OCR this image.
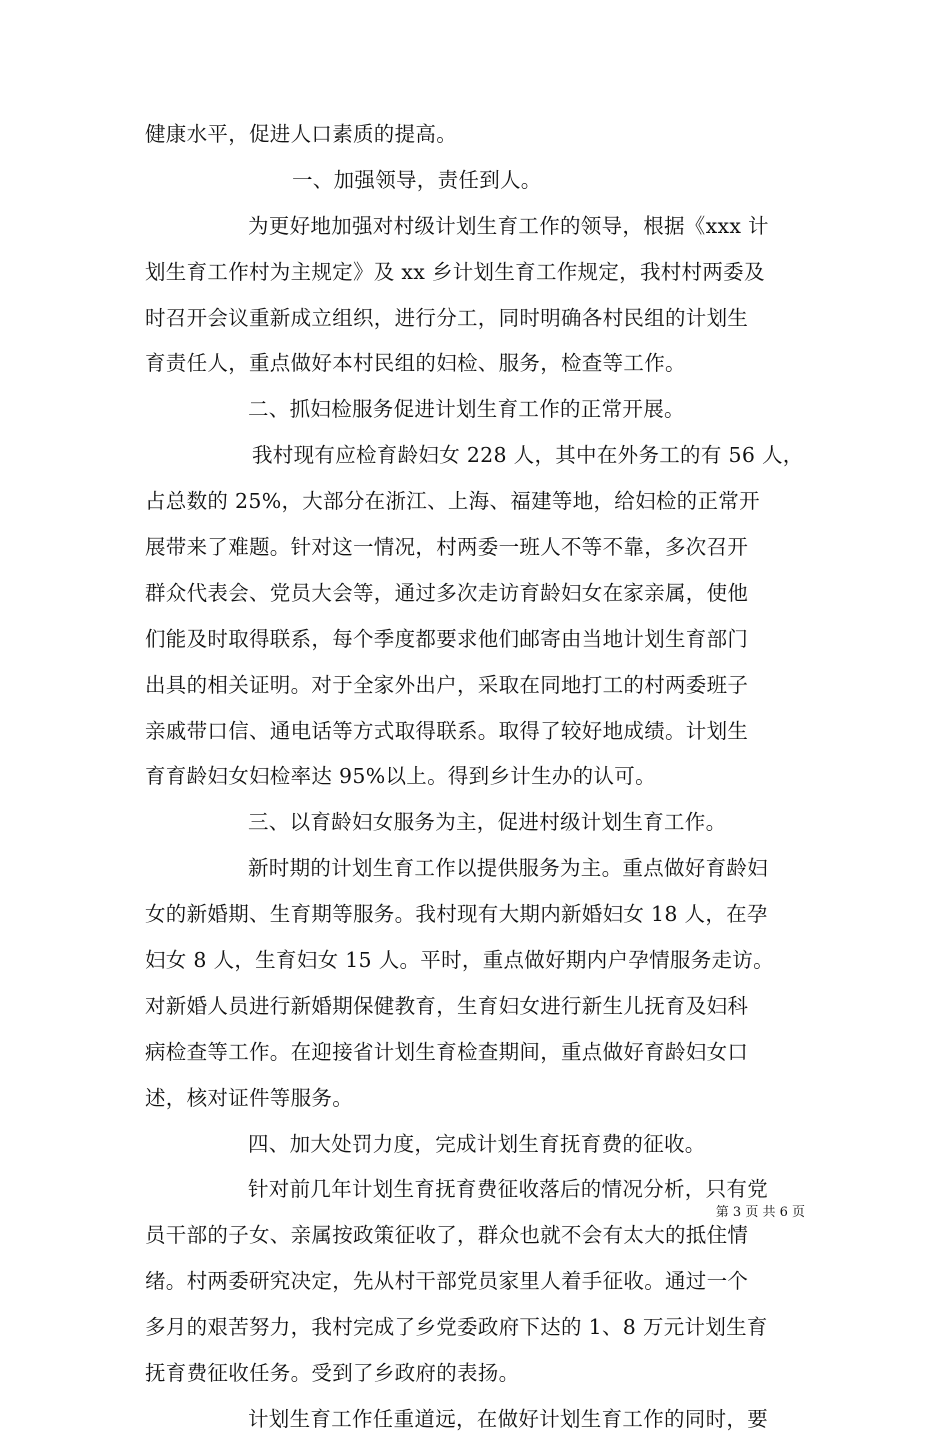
健康水平，促进人口素质的提高。
一、加强领导，责任到人。
为更好地加强对村级计划生育工作的领导，根据《xxx 计
划生育工作村为主规定》及 xx 乡计划生育工作规定，我村村两委及
时召开会议重新成立组织，进行分工，同时明确各村民组的计划生
育责任人，重点做好本村民组的妇检、服务，检查等工作。
二、抓妇检服务促进计划生育工作的正常开展。
我村现有应检育龄妇女 228 人，其中在外务工的有 56 人，
占总数的 25%，大部分在浙江、上海、福建等地，给妇检的正常开
展带来了难题。针对这一情况，村两委一班人不等不靠，多次召开
群众代表会、党员大会等，通过多次走访育龄妇女在家亲属，使他
们能及时取得联系，每个季度都要求他们邮寄由当地计划生育部门
出具的相关证明。对于全家外出户，采取在同地打工的村两委班子
亲戚带口信、通电话等方式取得联系。取得了较好地成绩。计划生
育育龄妇女妇检率达 95%以上。得到乡计生办的认可。
三、以育龄妇女服务为主，促进村级计划生育工作。
新时期的计划生育工作以提供服务为主。重点做好育龄妇
女的新婚期、生育期等服务。我村现有大期内新婚妇女 18 人，在孕
妇女 8 人，生育妇女 15 人。平时，重点做好期内户孕情服务走访。
对新婚人员进行新婚期保健教育，生育妇女进行新生儿抚育及妇科
病检查等工作。在迎接省计划生育检查期间，重点做好育龄妇女口
述，核对证件等服务。
四、加大处罚力度，完成计划生育抚育费的征收。
针对前几年计划生育抚育费征收落后的情况分析，只有党
员干部的子女、亲属按政策征收了，群众也就不会有太大的抵住情
绪。村两委研究决定，先从村干部党员家里人着手征收。通过一个
多月的艰苦努力，我村完成了乡党委政府下达的 1、8 万元计划生育
抚育费征收任务。受到了乡政府的表扬。
计划生育工作任重道远，在做好计划生育工作的同时，要
第 3 页 共 6 页
